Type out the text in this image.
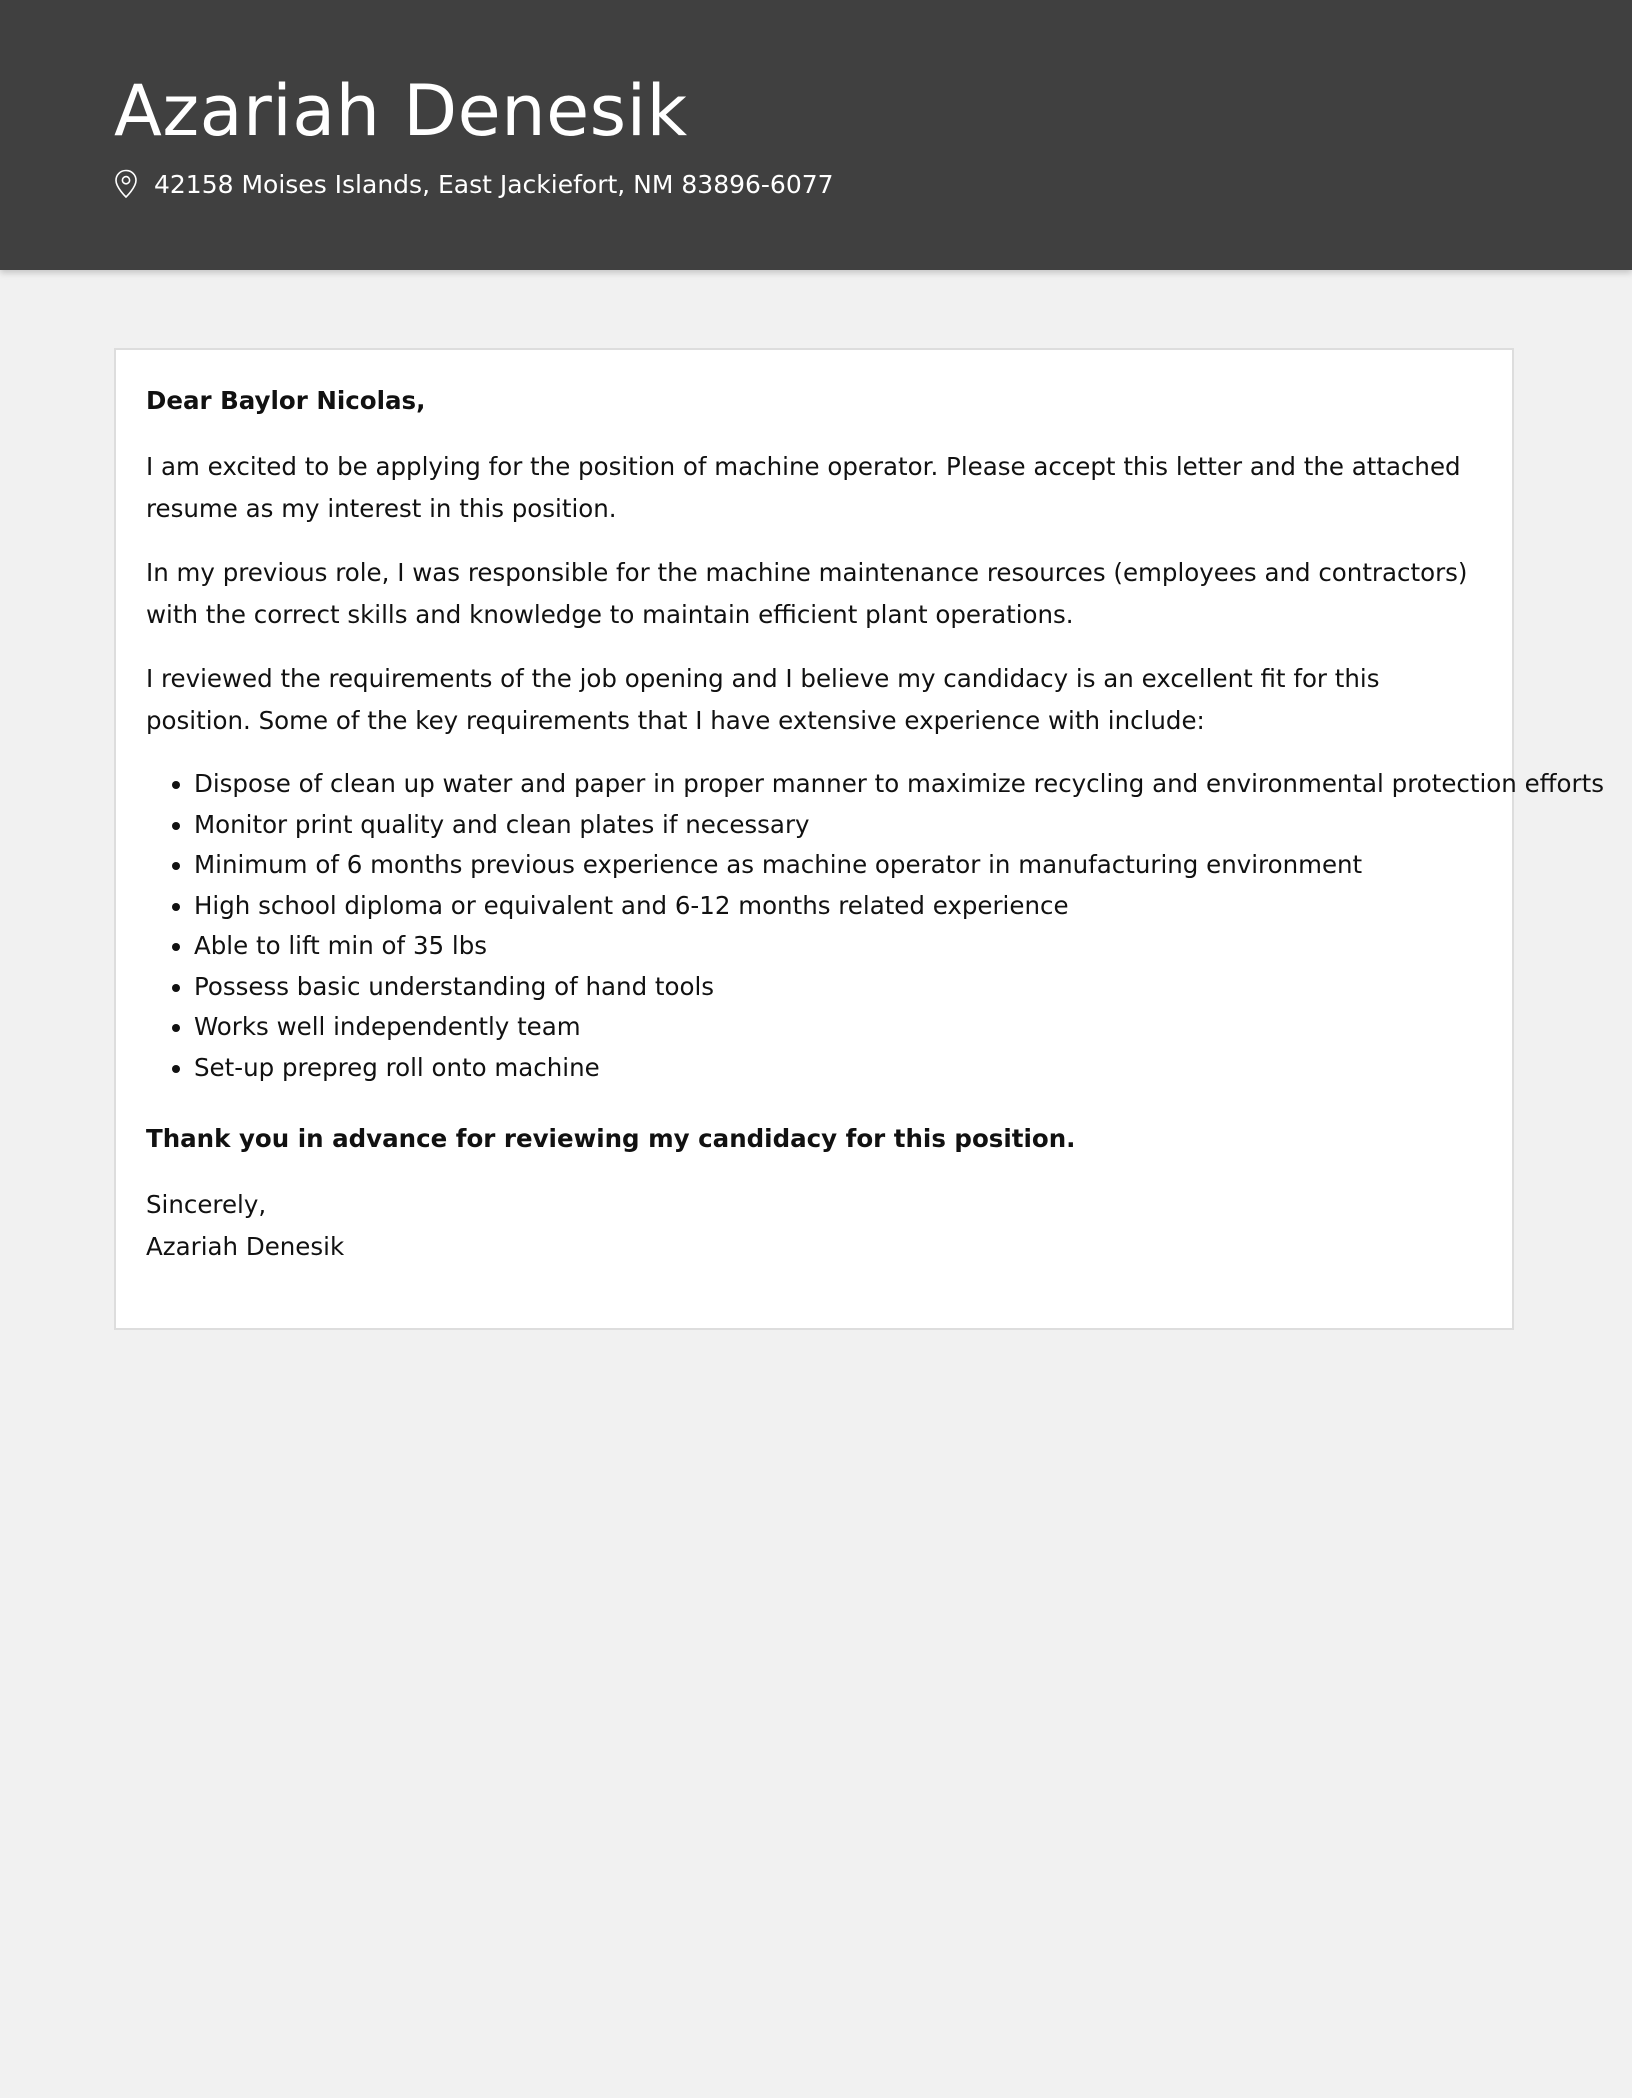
Azariah Denesik
42158 Moises Islands, East Jackiefort, NM 83896-6077

Dear Baylor Nicolas,

I am excited to be applying for the position of machine operator. Please accept this letter and the attached resume as my interest in this position.

In my previous role, I was responsible for the machine maintenance resources (employees and contractors) with the correct skills and knowledge to maintain efficient plant operations.

I reviewed the requirements of the job opening and I believe my candidacy is an excellent fit for this position. Some of the key requirements that I have extensive experience with include:

• Dispose of clean up water and paper in proper manner to maximize recycling and environmental protection efforts
• Monitor print quality and clean plates if necessary
• Minimum of 6 months previous experience as machine operator in manufacturing environment
• High school diploma or equivalent and 6-12 months related experience
• Able to lift min of 35 lbs
• Possess basic understanding of hand tools
• Works well independently team
• Set-up prepreg roll onto machine

Thank you in advance for reviewing my candidacy for this position.

Sincerely,

Azariah Denesik
